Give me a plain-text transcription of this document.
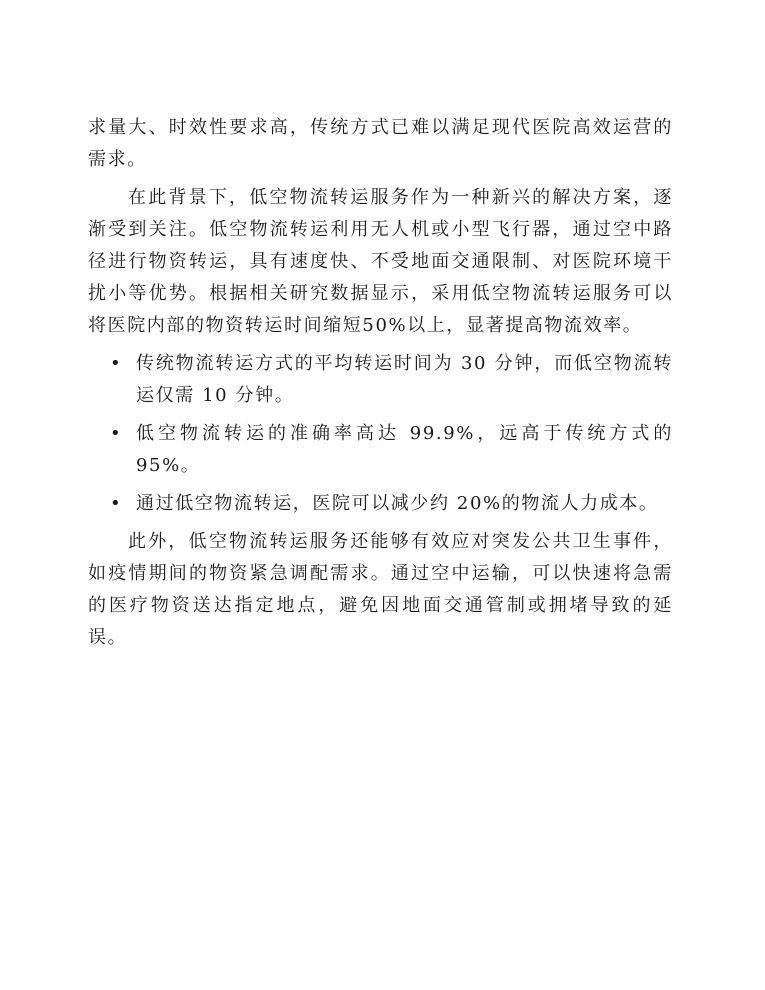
求量大、时效性要求高，传统方式已难以满足现代医院高效运营的需求。

在此背景下，低空物流转运服务作为一种新兴的解决方案，逐渐受到关注。低空物流转运利用无人机或小型飞行器，通过空中路径进行物资转运，具有速度快、不受地面交通限制、对医院环境干扰小等优势。根据相关研究数据显示，采用低空物流转运服务可以将医院内部的物资转运时间缩短50%以上，显著提高物流效率。

• 传统物流转运方式的平均转运时间为 30 分钟，而低空物流转运仅需 10 分钟。
• 低空物流转运的准确率高达 99.9%，远高于传统方式的 95%。
• 通过低空物流转运，医院可以减少约 20%的物流人力成本。

此外，低空物流转运服务还能够有效应对突发公共卫生事件，如疫情期间的物资紧急调配需求。通过空中运输，可以快速将急需的医疗物资送达指定地点，避免因地面交通管制或拥堵导致的延误。
